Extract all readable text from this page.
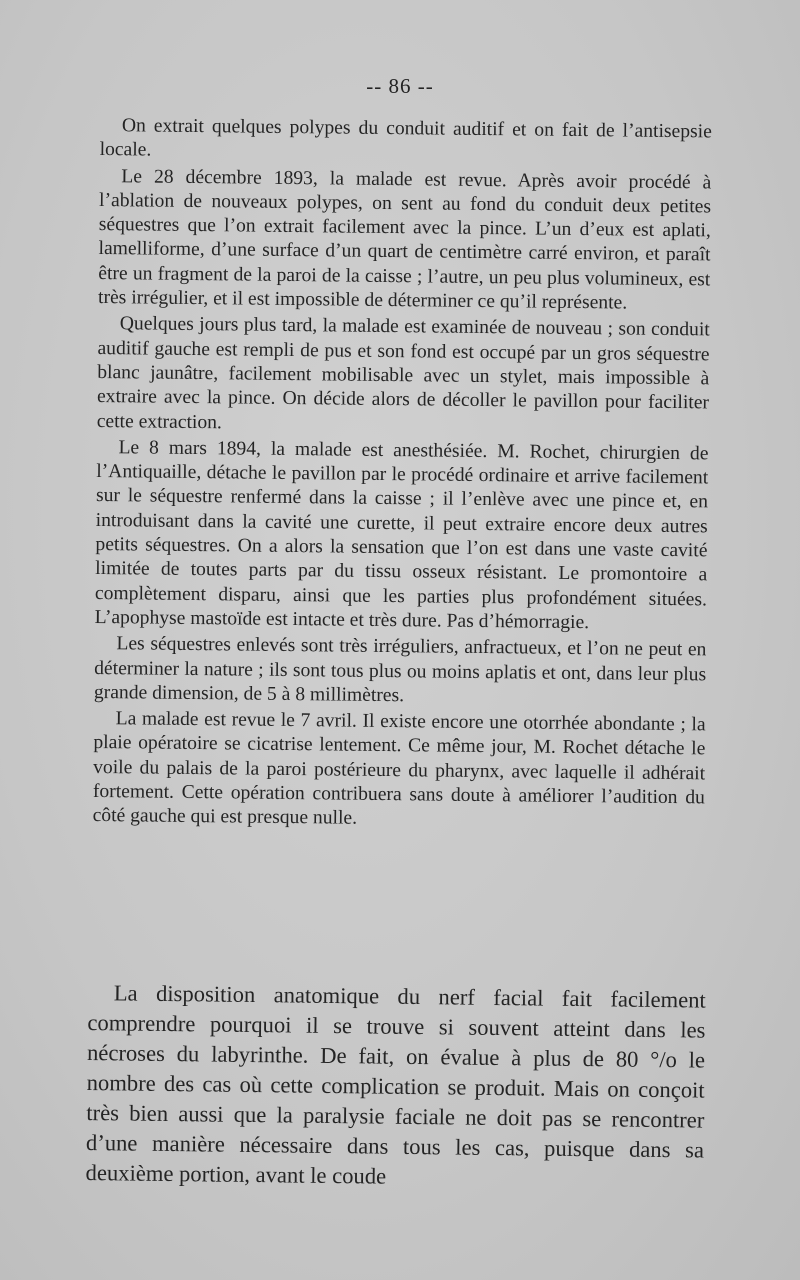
-- 86 --

On extrait quelques polypes du conduit auditif et on fait de l’antisepsie locale.

Le 28 décembre 1893, la malade est revue. Après avoir procédé à l’ablation de nouveaux polypes, on sent au fond du conduit deux petites séquestres que l’on extrait facilement avec la pince. L’un d’eux est aplati, lamelliforme, d’une surface d’un quart de centimètre carré environ, et paraît être un fragment de la paroi de la caisse ; l’autre, un peu plus volumineux, est très irrégulier, et il est impossible de déterminer ce qu’il représente.

Quelques jours plus tard, la malade est examinée de nouveau ; son conduit auditif gauche est rempli de pus et son fond est occupé par un gros séquestre blanc jaunâtre, facilement mobilisable avec un stylet, mais impossible à extraire avec la pince. On décide alors de décoller le pavillon pour faciliter cette extraction.

Le 8 mars 1894, la malade est anesthésiée. M. Rochet, chirurgien de l’Antiquaille, détache le pavillon par le procédé ordinaire et arrive facilement sur le séquestre renfermé dans la caisse ; il l’enlève avec une pince et, en introduisant dans la cavité une curette, il peut extraire encore deux autres petits séquestres. On a alors la sensation que l’on est dans une vaste cavité limitée de toutes parts par du tissu osseux résistant. Le promontoire a complètement disparu, ainsi que les parties plus profondément situées. L’apophyse mastoïde est intacte et très dure. Pas d’hémorragie.

Les séquestres enlevés sont très irréguliers, anfractueux, et l’on ne peut en déterminer la nature ; ils sont tous plus ou moins aplatis et ont, dans leur plus grande dimension, de 5 à 8 millimètres.

La malade est revue le 7 avril. Il existe encore une otorrhée abondante ; la plaie opératoire se cicatrise lentement. Ce même jour, M. Rochet détache le voile du palais de la paroi postérieure du pharynx, avec laquelle il adhérait fortement. Cette opération contribuera sans doute à améliorer l’audition du côté gauche qui est presque nulle.

La disposition anatomique du nerf facial fait facilement comprendre pourquoi il se trouve si souvent atteint dans les nécroses du labyrinthe. De fait, on évalue à plus de 80 °/o le nombre des cas où cette complication se produit. Mais on conçoit très bien aussi que la paralysie faciale ne doit pas se rencontrer d’une manière nécessaire dans tous les cas, puisque dans sa deuxième portion, avant le coude
